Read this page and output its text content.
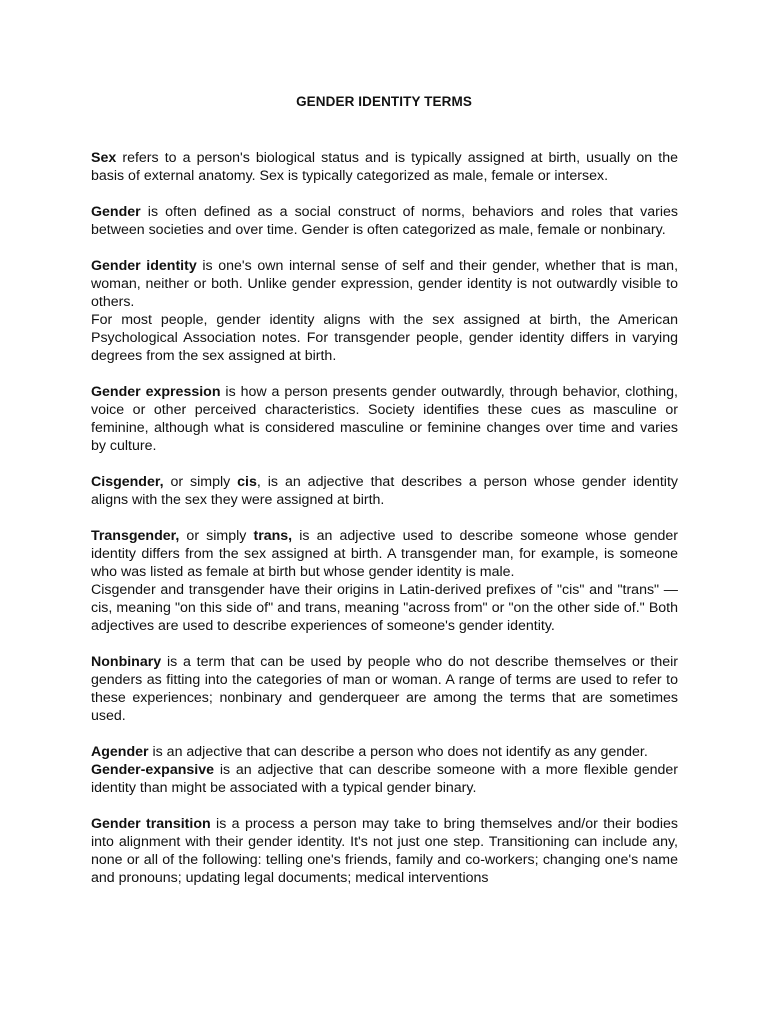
GENDER IDENTITY TERMS

Sex refers to a person's biological status and is typically assigned at birth, usually on the basis of external anatomy. Sex is typically categorized as male, female or intersex.

Gender is often defined as a social construct of norms, behaviors and roles that varies between societies and over time. Gender is often categorized as male, female or nonbinary.

Gender identity is one's own internal sense of self and their gender, whether that is man, woman, neither or both. Unlike gender expression, gender identity is not outwardly visible to others.

For most people, gender identity aligns with the sex assigned at birth, the American Psychological Association notes. For transgender people, gender identity differs in varying degrees from the sex assigned at birth.

Gender expression is how a person presents gender outwardly, through behavior, clothing, voice or other perceived characteristics. Society identifies these cues as masculine or feminine, although what is considered masculine or feminine changes over time and varies by culture.

Cisgender, or simply cis, is an adjective that describes a person whose gender identity aligns with the sex they were assigned at birth.

Transgender, or simply trans, is an adjective used to describe someone whose gender identity differs from the sex assigned at birth. A transgender man, for example, is someone who was listed as female at birth but whose gender identity is male.

Cisgender and transgender have their origins in Latin-derived prefixes of "cis" and "trans" — cis, meaning "on this side of" and trans, meaning "across from" or "on the other side of." Both adjectives are used to describe experiences of someone's gender identity.

Nonbinary is a term that can be used by people who do not describe themselves or their genders as fitting into the categories of man or woman. A range of terms are used to refer to these experiences; nonbinary and genderqueer are among the terms that are sometimes used.

Agender is an adjective that can describe a person who does not identify as any gender.

Gender-expansive is an adjective that can describe someone with a more flexible gender identity than might be associated with a typical gender binary.

Gender transition is a process a person may take to bring themselves and/or their bodies into alignment with their gender identity. It's not just one step. Transitioning can include any, none or all of the following: telling one's friends, family and co-workers; changing one's name and pronouns; updating legal documents; medical interventions
